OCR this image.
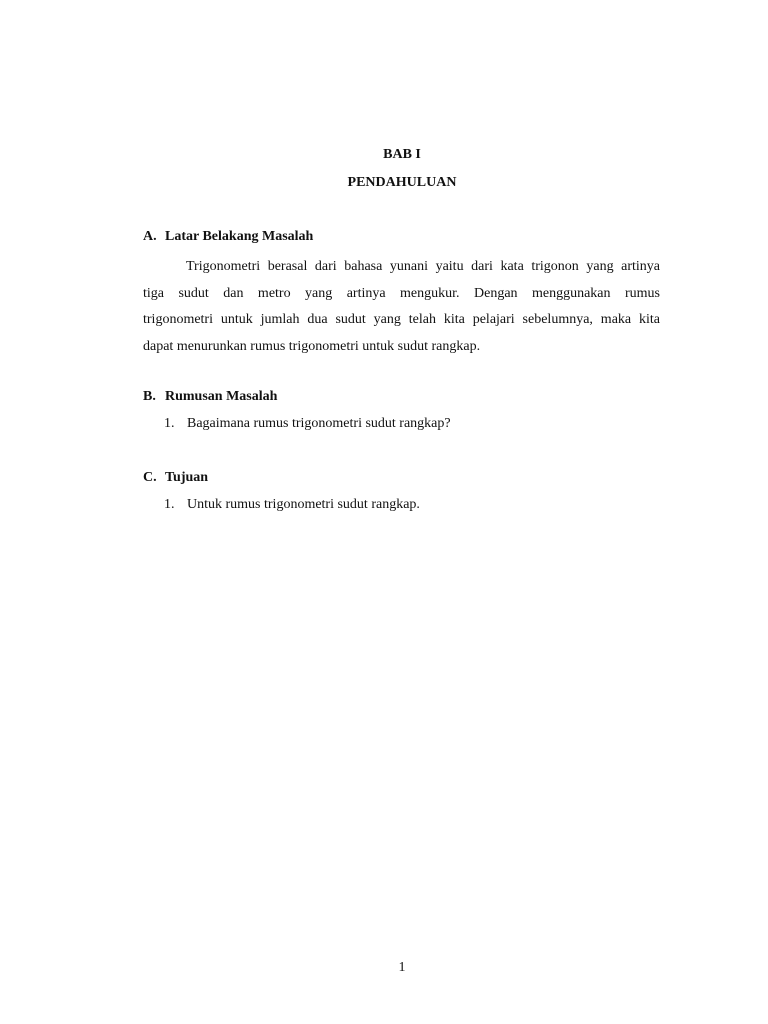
BAB I
PENDAHULUAN
A. Latar Belakang Masalah
Trigonometri berasal dari bahasa yunani yaitu dari kata trigonon yang artinya
tiga sudut dan metro yang artinya mengukur. Dengan menggunakan rumus
trigonometri untuk jumlah dua sudut yang telah kita pelajari sebelumnya, maka kita
dapat menurunkan rumus trigonometri untuk sudut rangkap.
B. Rumusan Masalah

1. Bagaimana rumus trigonometri sudut rangkap?

C. Tujuan

1. Untuk rumus trigonometri sudut rangkap.

1
